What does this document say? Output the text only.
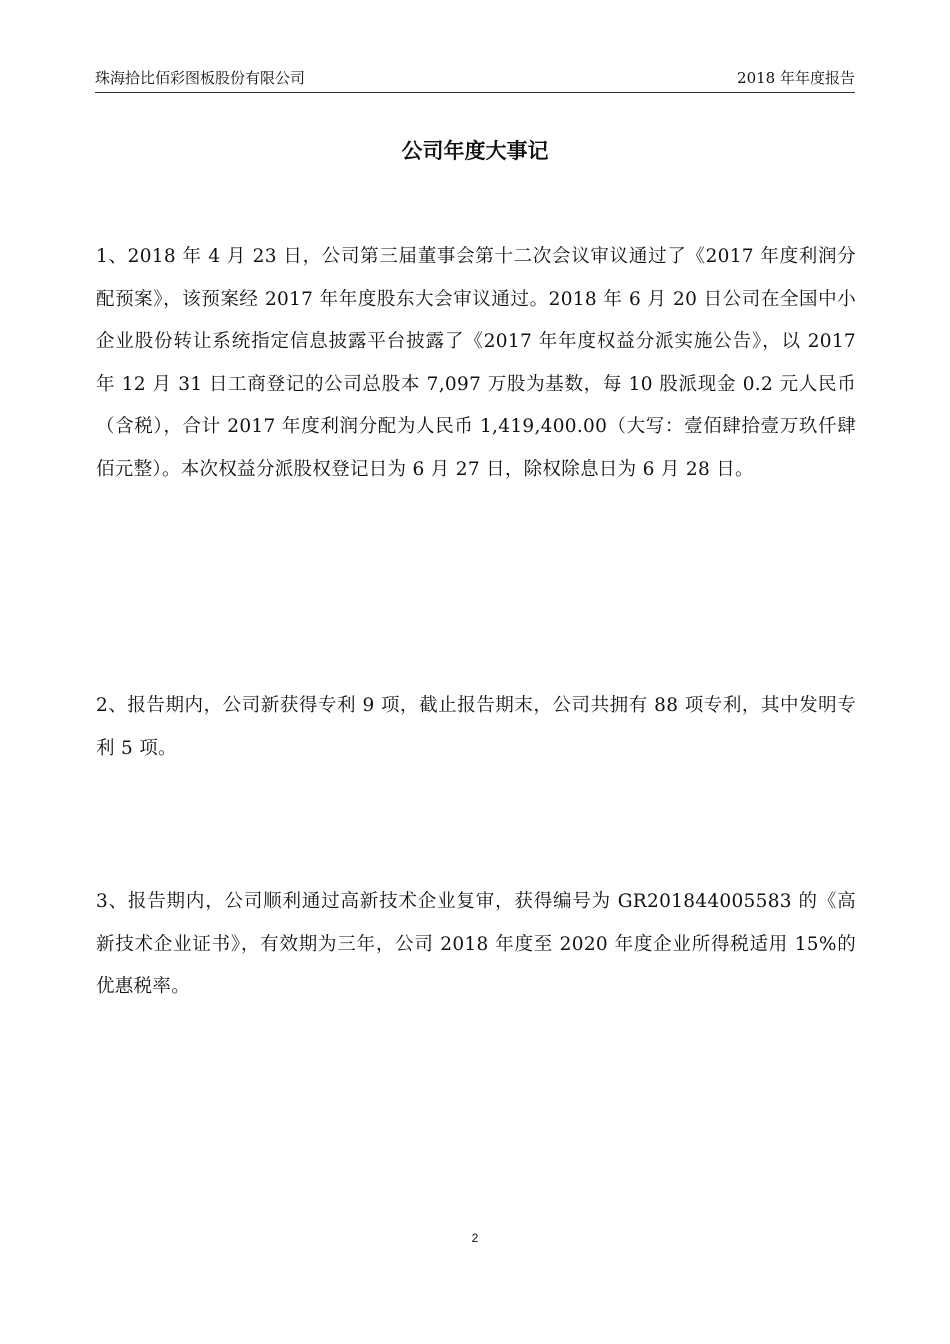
珠海拾比佰彩图板股份有限公司	2018 年年度报告
公司年度大事记

1、2018 年 4 月 23 日，公司第三届董事会第十二次会议审议通过了《2017 年度利润分配预案》，该预案经 2017 年年度股东大会审议通过。2018 年 6 月 20 日公司在全国中小企业股份转让系统指定信息披露平台披露了《2017 年年度权益分派实施公告》，以 2017 年 12 月 31 日工商登记的公司总股本 7,097 万股为基数，每 10 股派现金 0.2 元人民币（含税），合计 2017 年度利润分配为人民币 1,419,400.00（大写：壹佰肆拾壹万玖仟肆佰元整）。本次权益分派股权登记日为 6 月 27 日，除权除息日为 6 月 28 日。

2、报告期内，公司新获得专利 9 项，截止报告期末，公司共拥有 88 项专利，其中发明专利 5 项。

3、报告期内，公司顺利通过高新技术企业复审，获得编号为 GR201844005583 的《高新技术企业证书》，有效期为三年，公司 2018 年度至 2020 年度企业所得税适用 15%的优惠税率。

2
